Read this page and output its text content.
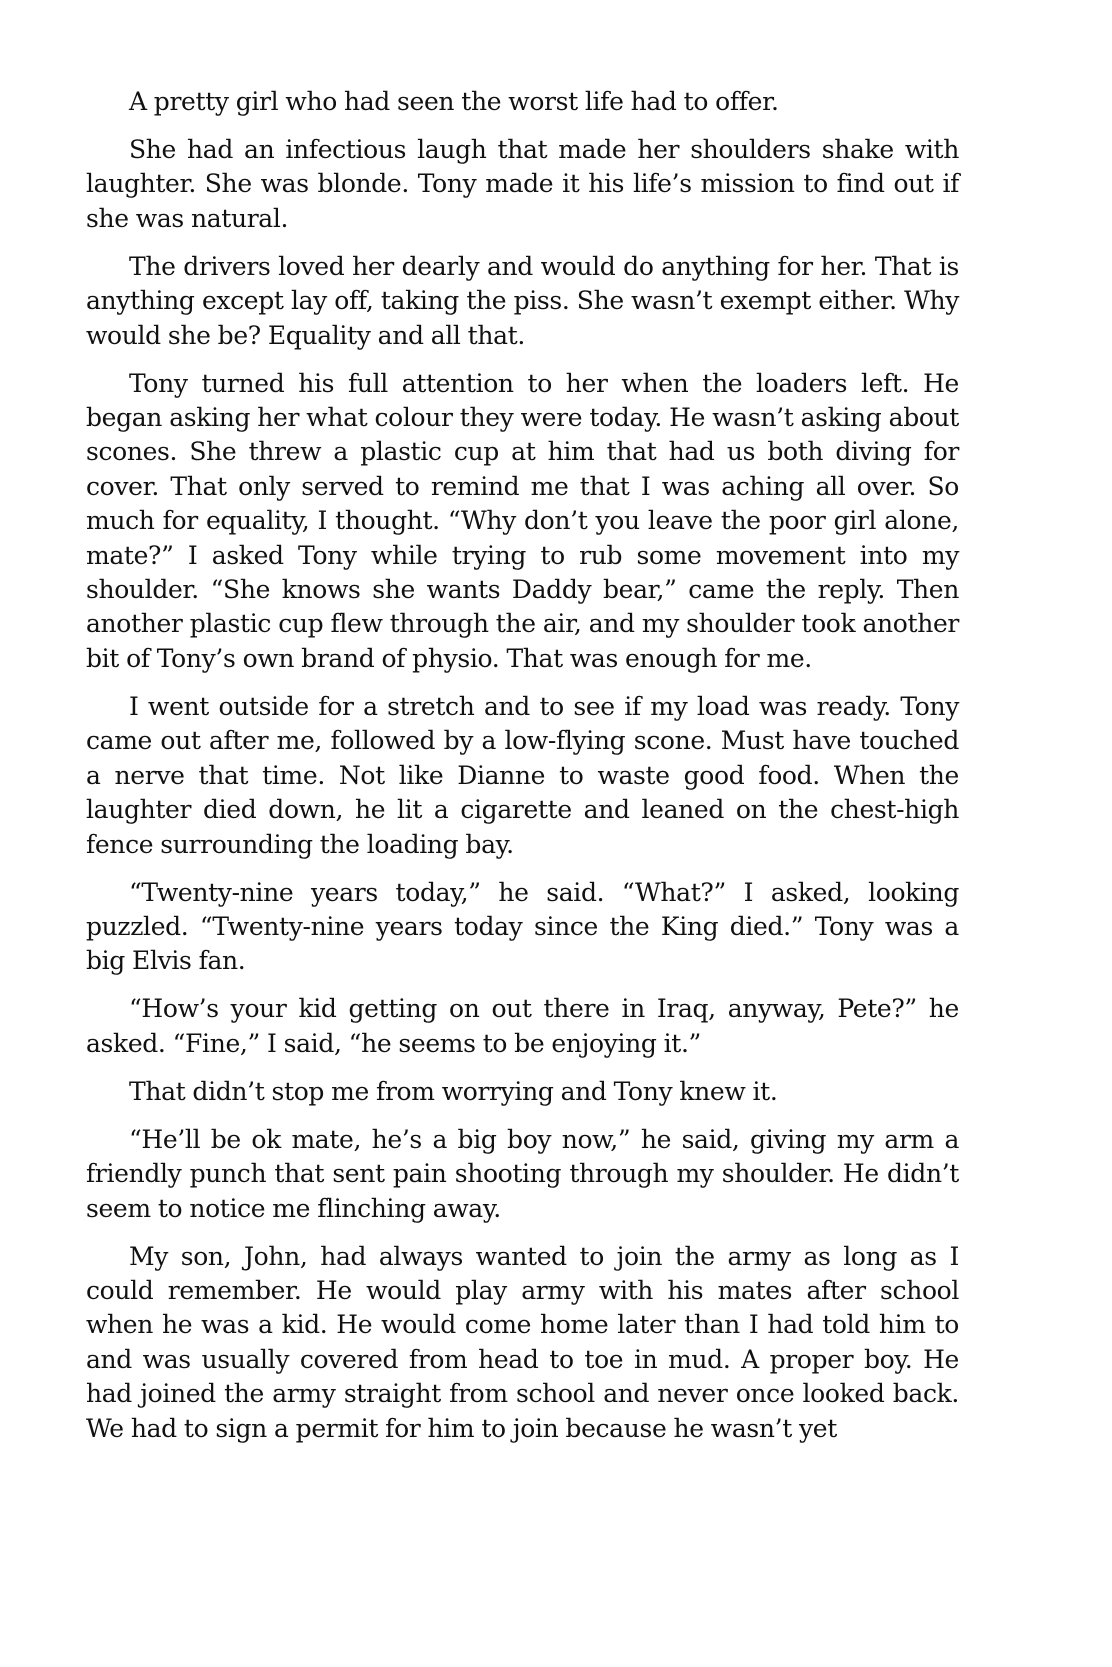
A pretty girl who had seen the worst life had to offer.

She had an infectious laugh that made her shoulders shake with laughter. She was blonde. Tony made it his life’s mission to find out if she was natural.

The drivers loved her dearly and would do anything for her. That is anything except lay off, taking the piss. She wasn’t exempt either. Why would she be? Equality and all that.

Tony turned his full attention to her when the loaders left. He began asking her what colour they were today. He wasn’t asking about scones. She threw a plastic cup at him that had us both diving for cover. That only served to remind me that I was aching all over. So much for equality, I thought. “Why don’t you leave the poor girl alone, mate?” I asked Tony while trying to rub some movement into my shoulder. “She knows she wants Daddy bear,” came the reply. Then another plastic cup flew through the air, and my shoulder took another bit of Tony’s own brand of physio. That was enough for me.

I went outside for a stretch and to see if my load was ready. Tony came out after me, followed by a low-flying scone. Must have touched a nerve that time. Not like Dianne to waste good food. When the laughter died down, he lit a cigarette and leaned on the chest-high fence surrounding the loading bay.

“Twenty-nine years today,” he said. “What?” I asked, looking puzzled. “Twenty-nine years today since the King died.” Tony was a big Elvis fan.

“How’s your kid getting on out there in Iraq, anyway, Pete?” he asked. “Fine,” I said, “he seems to be enjoying it.”

That didn’t stop me from worrying and Tony knew it.

“He’ll be ok mate, he’s a big boy now,” he said, giving my arm a friendly punch that sent pain shooting through my shoulder. He didn’t seem to notice me flinching away.

My son, John, had always wanted to join the army as long as I could remember. He would play army with his mates after school when he was a kid. He would come home later than I had told him to and was usually covered from head to toe in mud. A proper boy. He had joined the army straight from school and never once looked back. We had to sign a permit for him to join because he wasn’t yet
